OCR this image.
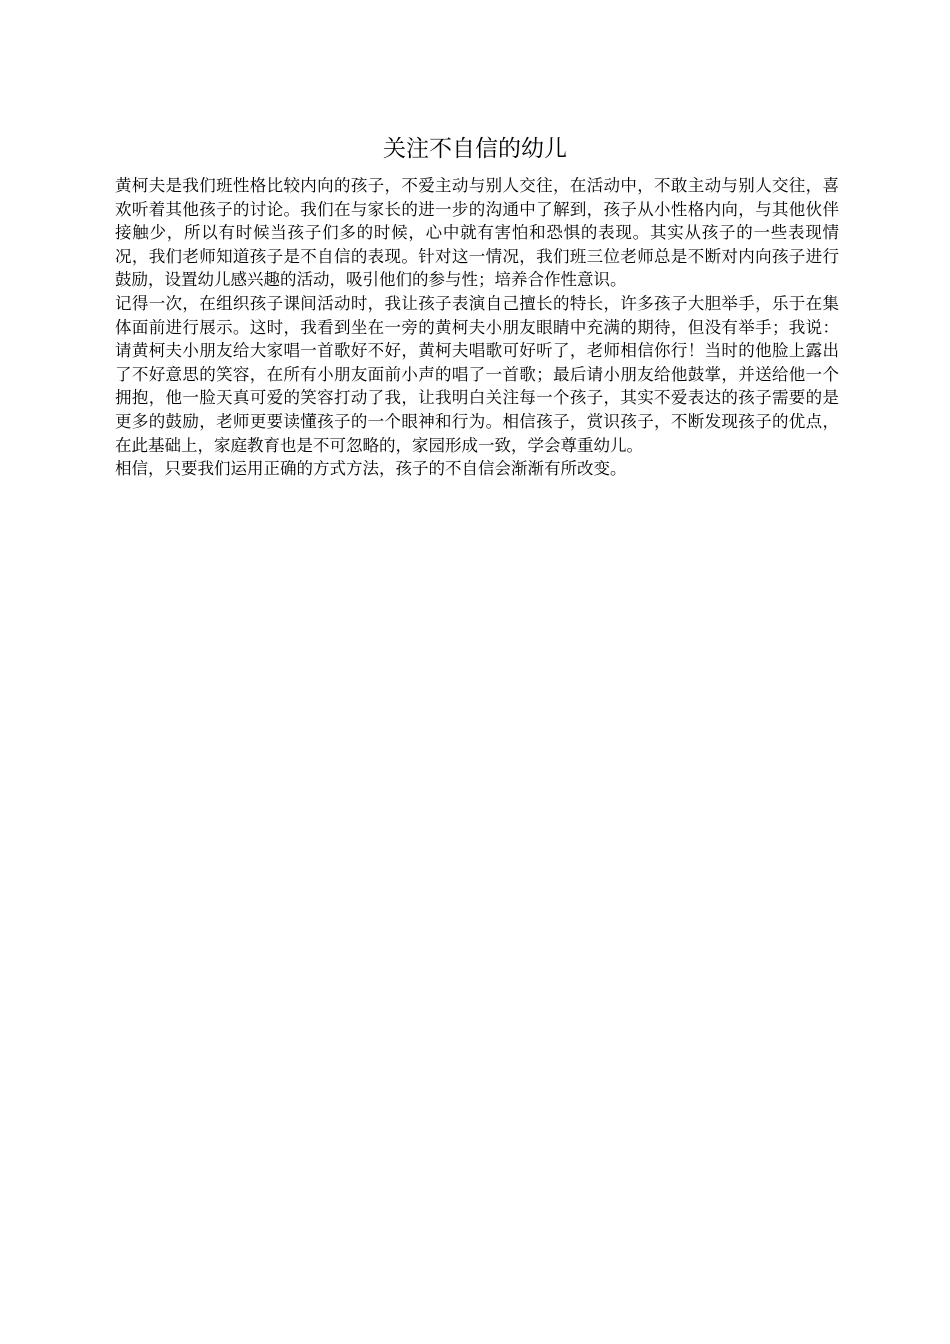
关注不自信的幼儿

黄柯夫是我们班性格比较内向的孩子，不爱主动与别人交往，在活动中，不敢主动与别人交往，喜欢听着其他孩子的讨论。我们在与家长的进一步的沟通中了解到，孩子从小性格内向，与其他伙伴接触少，所以有时候当孩子们多的时候，心中就有害怕和恐惧的表现。其实从孩子的一些表现情况，我们老师知道孩子是不自信的表现。针对这一情况，我们班三位老师总是不断对内向孩子进行鼓励，设置幼儿感兴趣的活动，吸引他们的参与性；培养合作性意识。

记得一次，在组织孩子课间活动时，我让孩子表演自己擅长的特长，许多孩子大胆举手，乐于在集体面前进行展示。这时，我看到坐在一旁的黄柯夫小朋友眼睛中充满的期待，但没有举手；我说：请黄柯夫小朋友给大家唱一首歌好不好，黄柯夫唱歌可好听了，老师相信你行！当时的他脸上露出了不好意思的笑容，在所有小朋友面前小声的唱了一首歌；最后请小朋友给他鼓掌，并送给他一个拥抱，他一脸天真可爱的笑容打动了我，让我明白关注每一个孩子，其实不爱表达的孩子需要的是更多的鼓励，老师更要读懂孩子的一个眼神和行为。相信孩子，赏识孩子，不断发现孩子的优点，在此基础上，家庭教育也是不可忽略的，家园形成一致，学会尊重幼儿。

相信，只要我们运用正确的方式方法，孩子的不自信会渐渐有所改变。
